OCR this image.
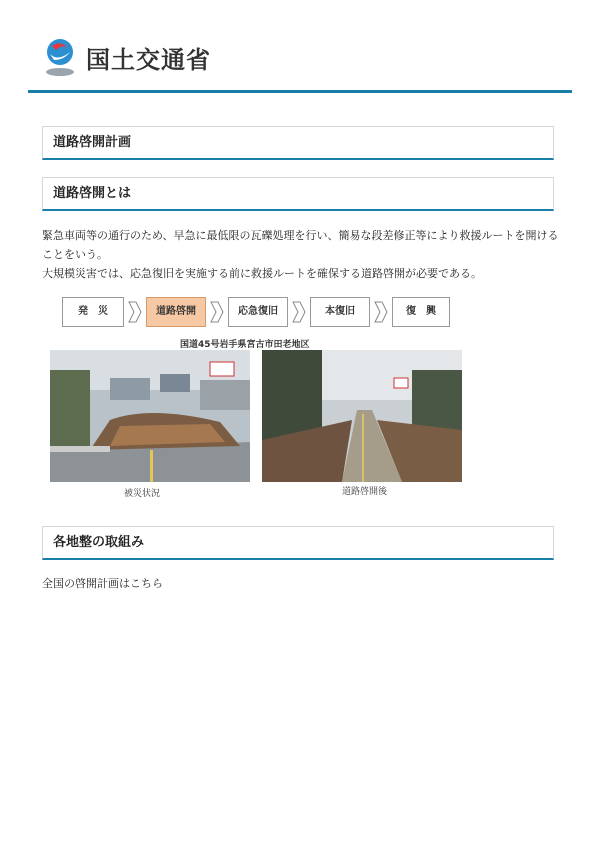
国土交通省
道路啓開計画
道路啓開とは
緊急車両等の通行のため、早急に最低限の瓦礫処理を行い、簡易な段差修正等により救援ルートを開けることをいう。
大規模災害では、応急復旧を実施する前に救援ルートを確保する道路啓開が必要である。
発　災	道路啓開	応急復旧	本復旧	復　興
国道45号岩手県宮古市田老地区
被災状況	道路啓開後
各地整の取組み
全国の啓開計画はこちら
